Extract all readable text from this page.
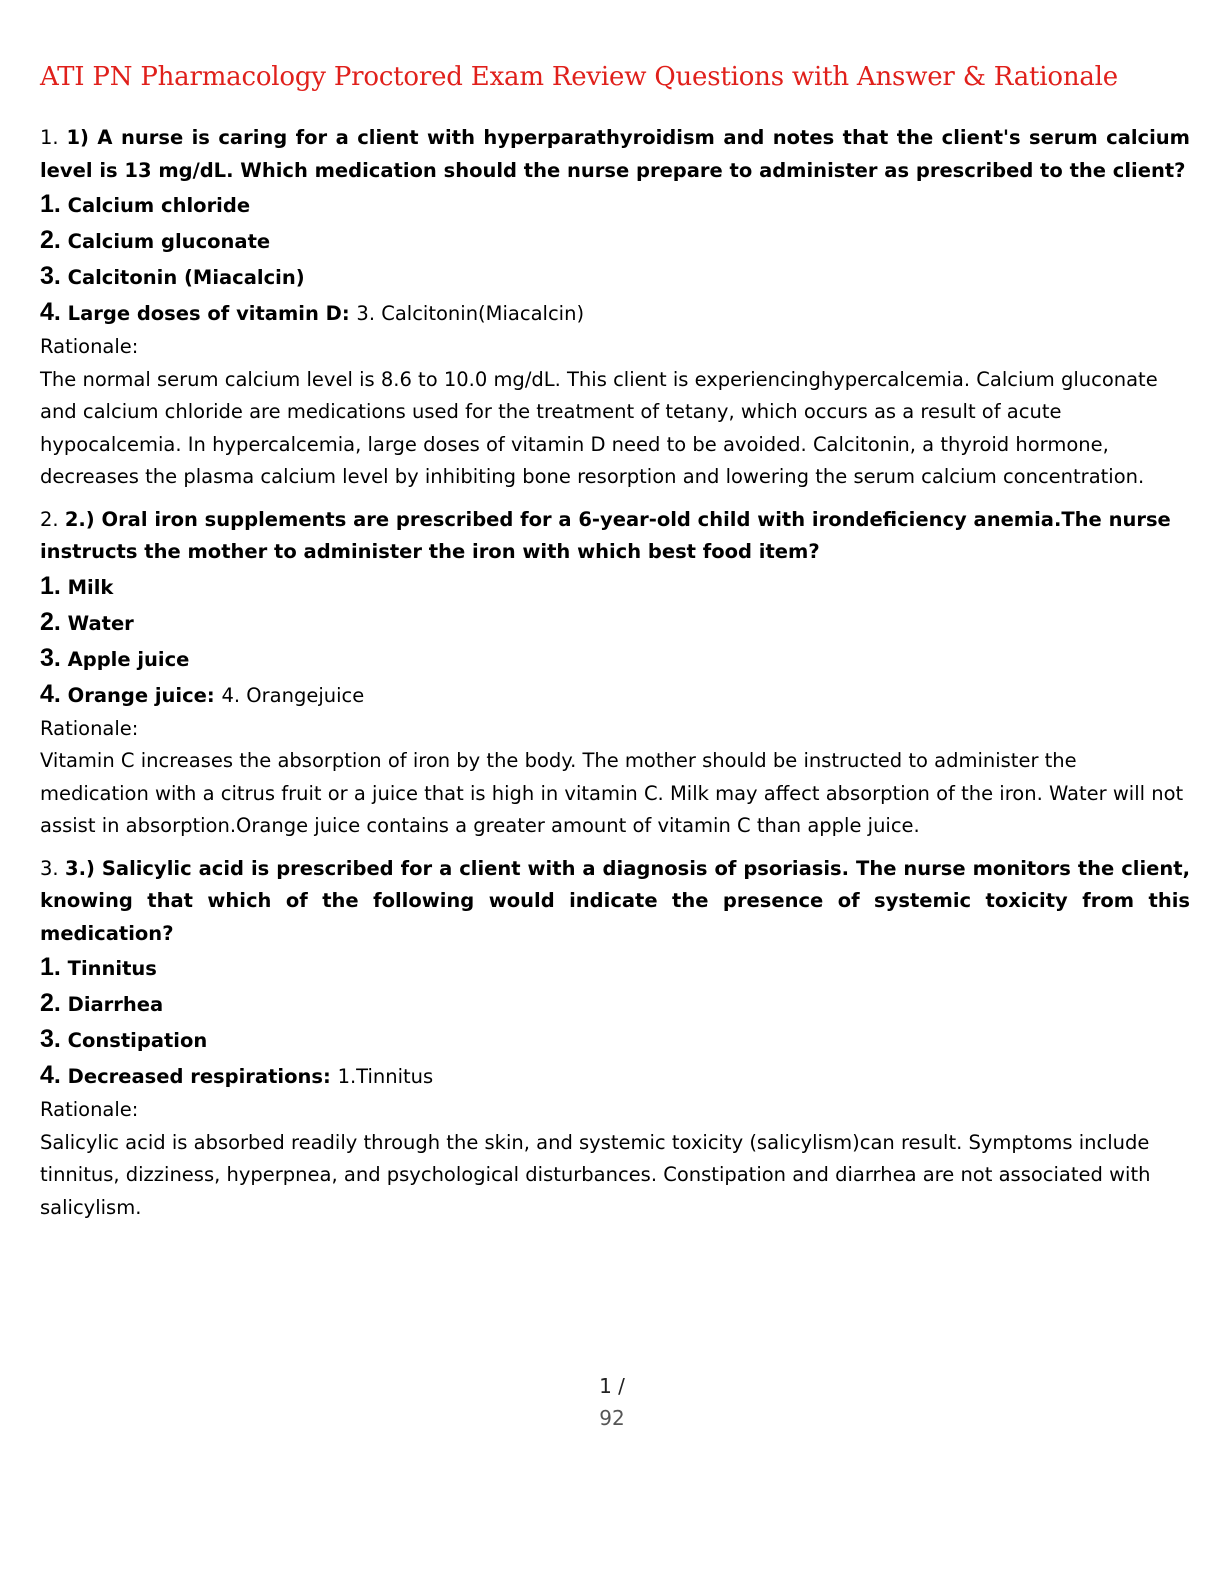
ATI PN Pharmacology Proctored Exam Review Questions with Answer & Rationale

1. 1) A nurse is caring for a client with hyperparathyroidism and notes that the client's serum calcium level is 13 mg/dL. Which medication should the nurse prepare to administer as prescribed to the client?

1. Calcium chloride
2. Calcium gluconate
3. Calcitonin (Miacalcin)
4. Large doses of vitamin D: 3. Calcitonin(Miacalcin)

Rationale:

The normal serum calcium level is 8.6 to 10.0 mg/dL. This client is experiencinghypercalcemia. Calcium gluconate and calcium chloride are medications used for the treatment of tetany, which occurs as a result of acute hypocalcemia. In hypercalcemia, large doses of vitamin D need to be avoided. Calcitonin, a thyroid hormone, decreases the plasma calcium level by inhibiting bone resorption and lowering the serum calcium concentration.

2. 2.) Oral iron supplements are prescribed for a 6-year-old child with irondeficiency anemia.The nurse instructs the mother to administer the iron with which best food item?

1. Milk
2. Water
3. Apple juice
4. Orange juice: 4. Orangejuice

Rationale:

Vitamin C increases the absorption of iron by the body. The mother should be instructed to administer the medication with a citrus fruit or a juice that is high in vitamin C. Milk may affect absorption of the iron. Water will not assist in absorption.Orange juice contains a greater amount of vitamin C than apple juice.

3. 3.) Salicylic acid is prescribed for a client with a diagnosis of psoriasis. The nurse monitors the client, knowing that which of the following would indicate the presence of systemic toxicity from this medication?

1. Tinnitus
2. Diarrhea
3. Constipation
4. Decreased respirations: 1.Tinnitus

Rationale:

Salicylic acid is absorbed readily through the skin, and systemic toxicity (salicylism)can result. Symptoms include tinnitus, dizziness, hyperpnea, and psychological disturbances. Constipation and diarrhea are not associated with salicylism.

1 /
92
